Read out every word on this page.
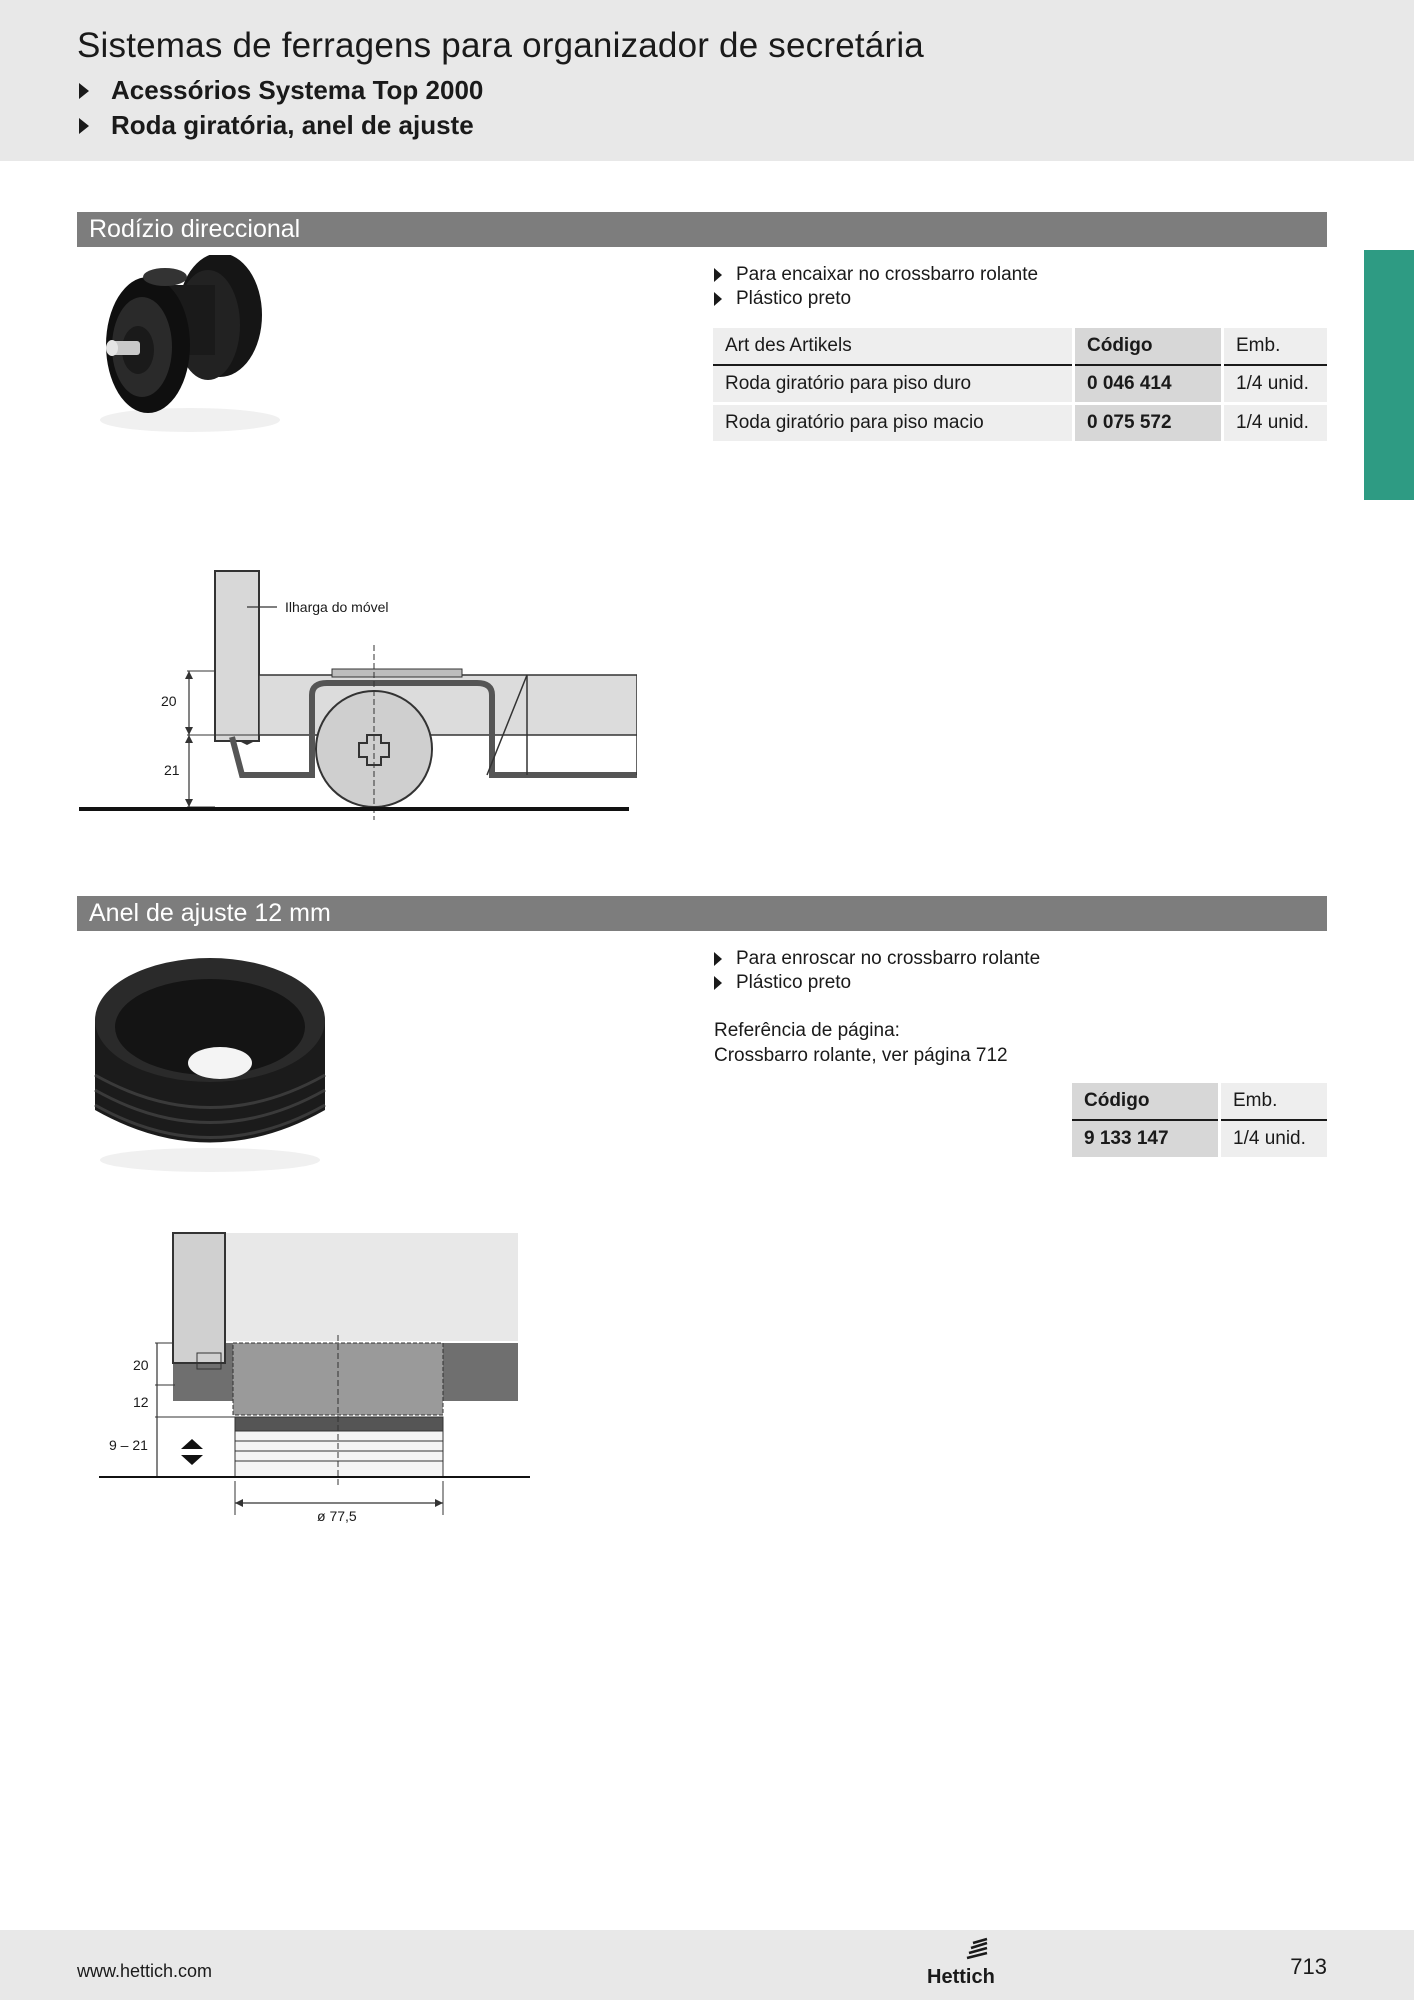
Sistemas de ferragens para organizador de secretária
Acessórios Systema Top 2000
Roda giratória, anel de ajuste
Rodízio direccional
Para encaixar no crossbarro rolante
Plástico preto
Art des Artikels	Código	Emb.
Roda giratório para piso duro	0 046 414	1/4 unid.
Roda giratório para piso macio	0 075 572	1/4 unid.
Ilharga do móvel
20
21
Anel de ajuste 12 mm
Para enroscar no crossbarro rolante
Plástico preto
Referência de página:
Crossbarro rolante, ver página 712
Código	Emb.
9 133 147	1/4 unid.
20
12
9 – 21
ø 77,5
www.hettich.com	Hettich	713
